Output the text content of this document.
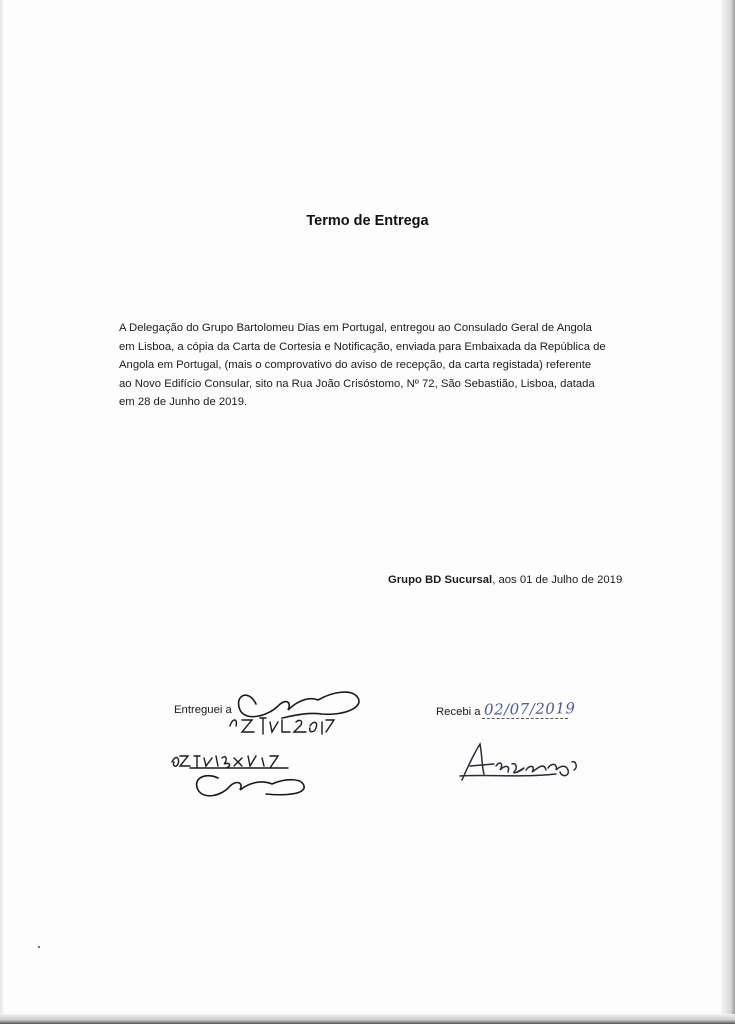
Termo de Entrega
A Delegação do Grupo Bartolomeu Dias em Portugal, entregou ao Consulado Geral de Angola
em Lisboa, a cópia da Carta de Cortesia e Notificação, enviada para Embaixada da República de
Angola em Portugal, (mais o comprovativo do aviso de recepção, da carta registada) referente
ao Novo Edifício Consular, sito na Rua João Crisóstomo, Nº 72, São Sebastião, Lisboa, datada
em 28 de Junho de 2019.
Grupo BD Sucursal, aos 01 de Julho de 2019
Entreguei a	Recebi a 02/07/2019
